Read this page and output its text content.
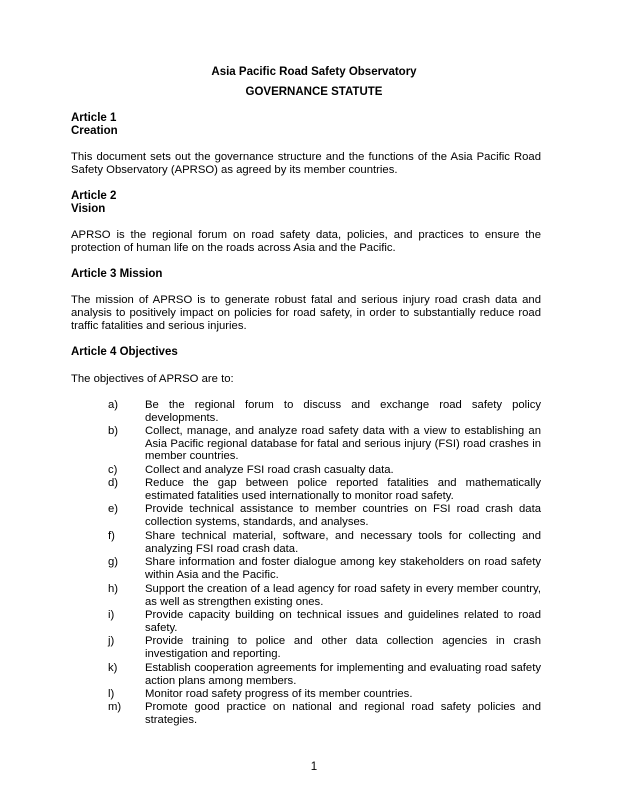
Asia Pacific Road Safety Observatory
GOVERNANCE STATUTE
Article 1
Creation
This document sets out the governance structure and the functions of the Asia Pacific Road Safety Observatory (APRSO) as agreed by its member countries.
Article 2
Vision
APRSO is the regional forum on road safety data, policies, and practices to ensure the protection of human life on the roads across Asia and the Pacific.
Article 3 Mission
The mission of APRSO is to generate robust fatal and serious injury road crash data and analysis to positively impact on policies for road safety, in order to substantially reduce road traffic fatalities and serious injuries.
Article 4 Objectives
The objectives of APRSO are to:
a) Be the regional forum to discuss and exchange road safety policy developments.
b) Collect, manage, and analyze road safety data with a view to establishing an Asia Pacific regional database for fatal and serious injury (FSI) road crashes in member countries.
c) Collect and analyze FSI road crash casualty data.
d) Reduce the gap between police reported fatalities and mathematically estimated fatalities used internationally to monitor road safety.
e) Provide technical assistance to member countries on FSI road crash data collection systems, standards, and analyses.
f)	Share technical material, software, and necessary tools for collecting and analyzing FSI road crash data.
g) Share information and foster dialogue among key stakeholders on road safety within Asia and the Pacific.
h) Support the creation of a lead agency for road safety in every member country, as well as strengthen existing ones.
i)	Provide capacity building on technical issues and guidelines related to road safety.
j)	Provide training to police and other data collection agencies in crash investigation and reporting.
k) Establish cooperation agreements for implementing and evaluating road safety action plans among members.
l)	Monitor road safety progress of its member countries.
m) Promote good practice on national and regional road safety policies and strategies.
1
